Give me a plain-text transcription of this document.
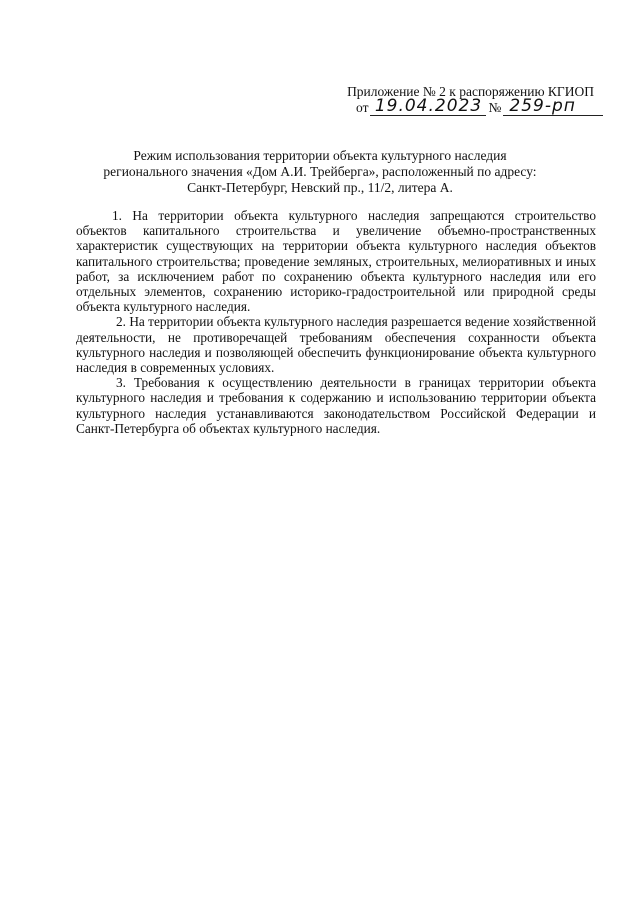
Приложение № 2 к распоряжению КГИОП
от 19.04.2023 № 259-рп
Режим использования территории объекта культурного наследия
регионального значения «Дом А.И. Трейберга», расположенный по адресу:
Санкт-Петербург, Невский пр., 11/2, литера А.

1. На территории объекта культурного наследия запрещаются строительство объектов капитального строительства и увеличение объемно-пространственных характеристик существующих на территории объекта культурного наследия объектов капитального строительства; проведение земляных, строительных, мелиоративных и иных работ, за исключением работ по сохранению объекта культурного наследия или его отдельных элементов, сохранению историко-градостроительной или природной среды объекта культурного наследия.

2. На территории объекта культурного наследия разрешается ведение хозяйственной деятельности, не противоречащей требованиям обеспечения сохранности объекта культурного наследия и позволяющей обеспечить функционирование объекта культурного наследия в современных условиях.

3. Требования к осуществлению деятельности в границах территории объекта культурного наследия и требования к содержанию и использованию территории объекта культурного наследия устанавливаются законодательством Российской Федерации и Санкт-Петербурга об объектах культурного наследия.
